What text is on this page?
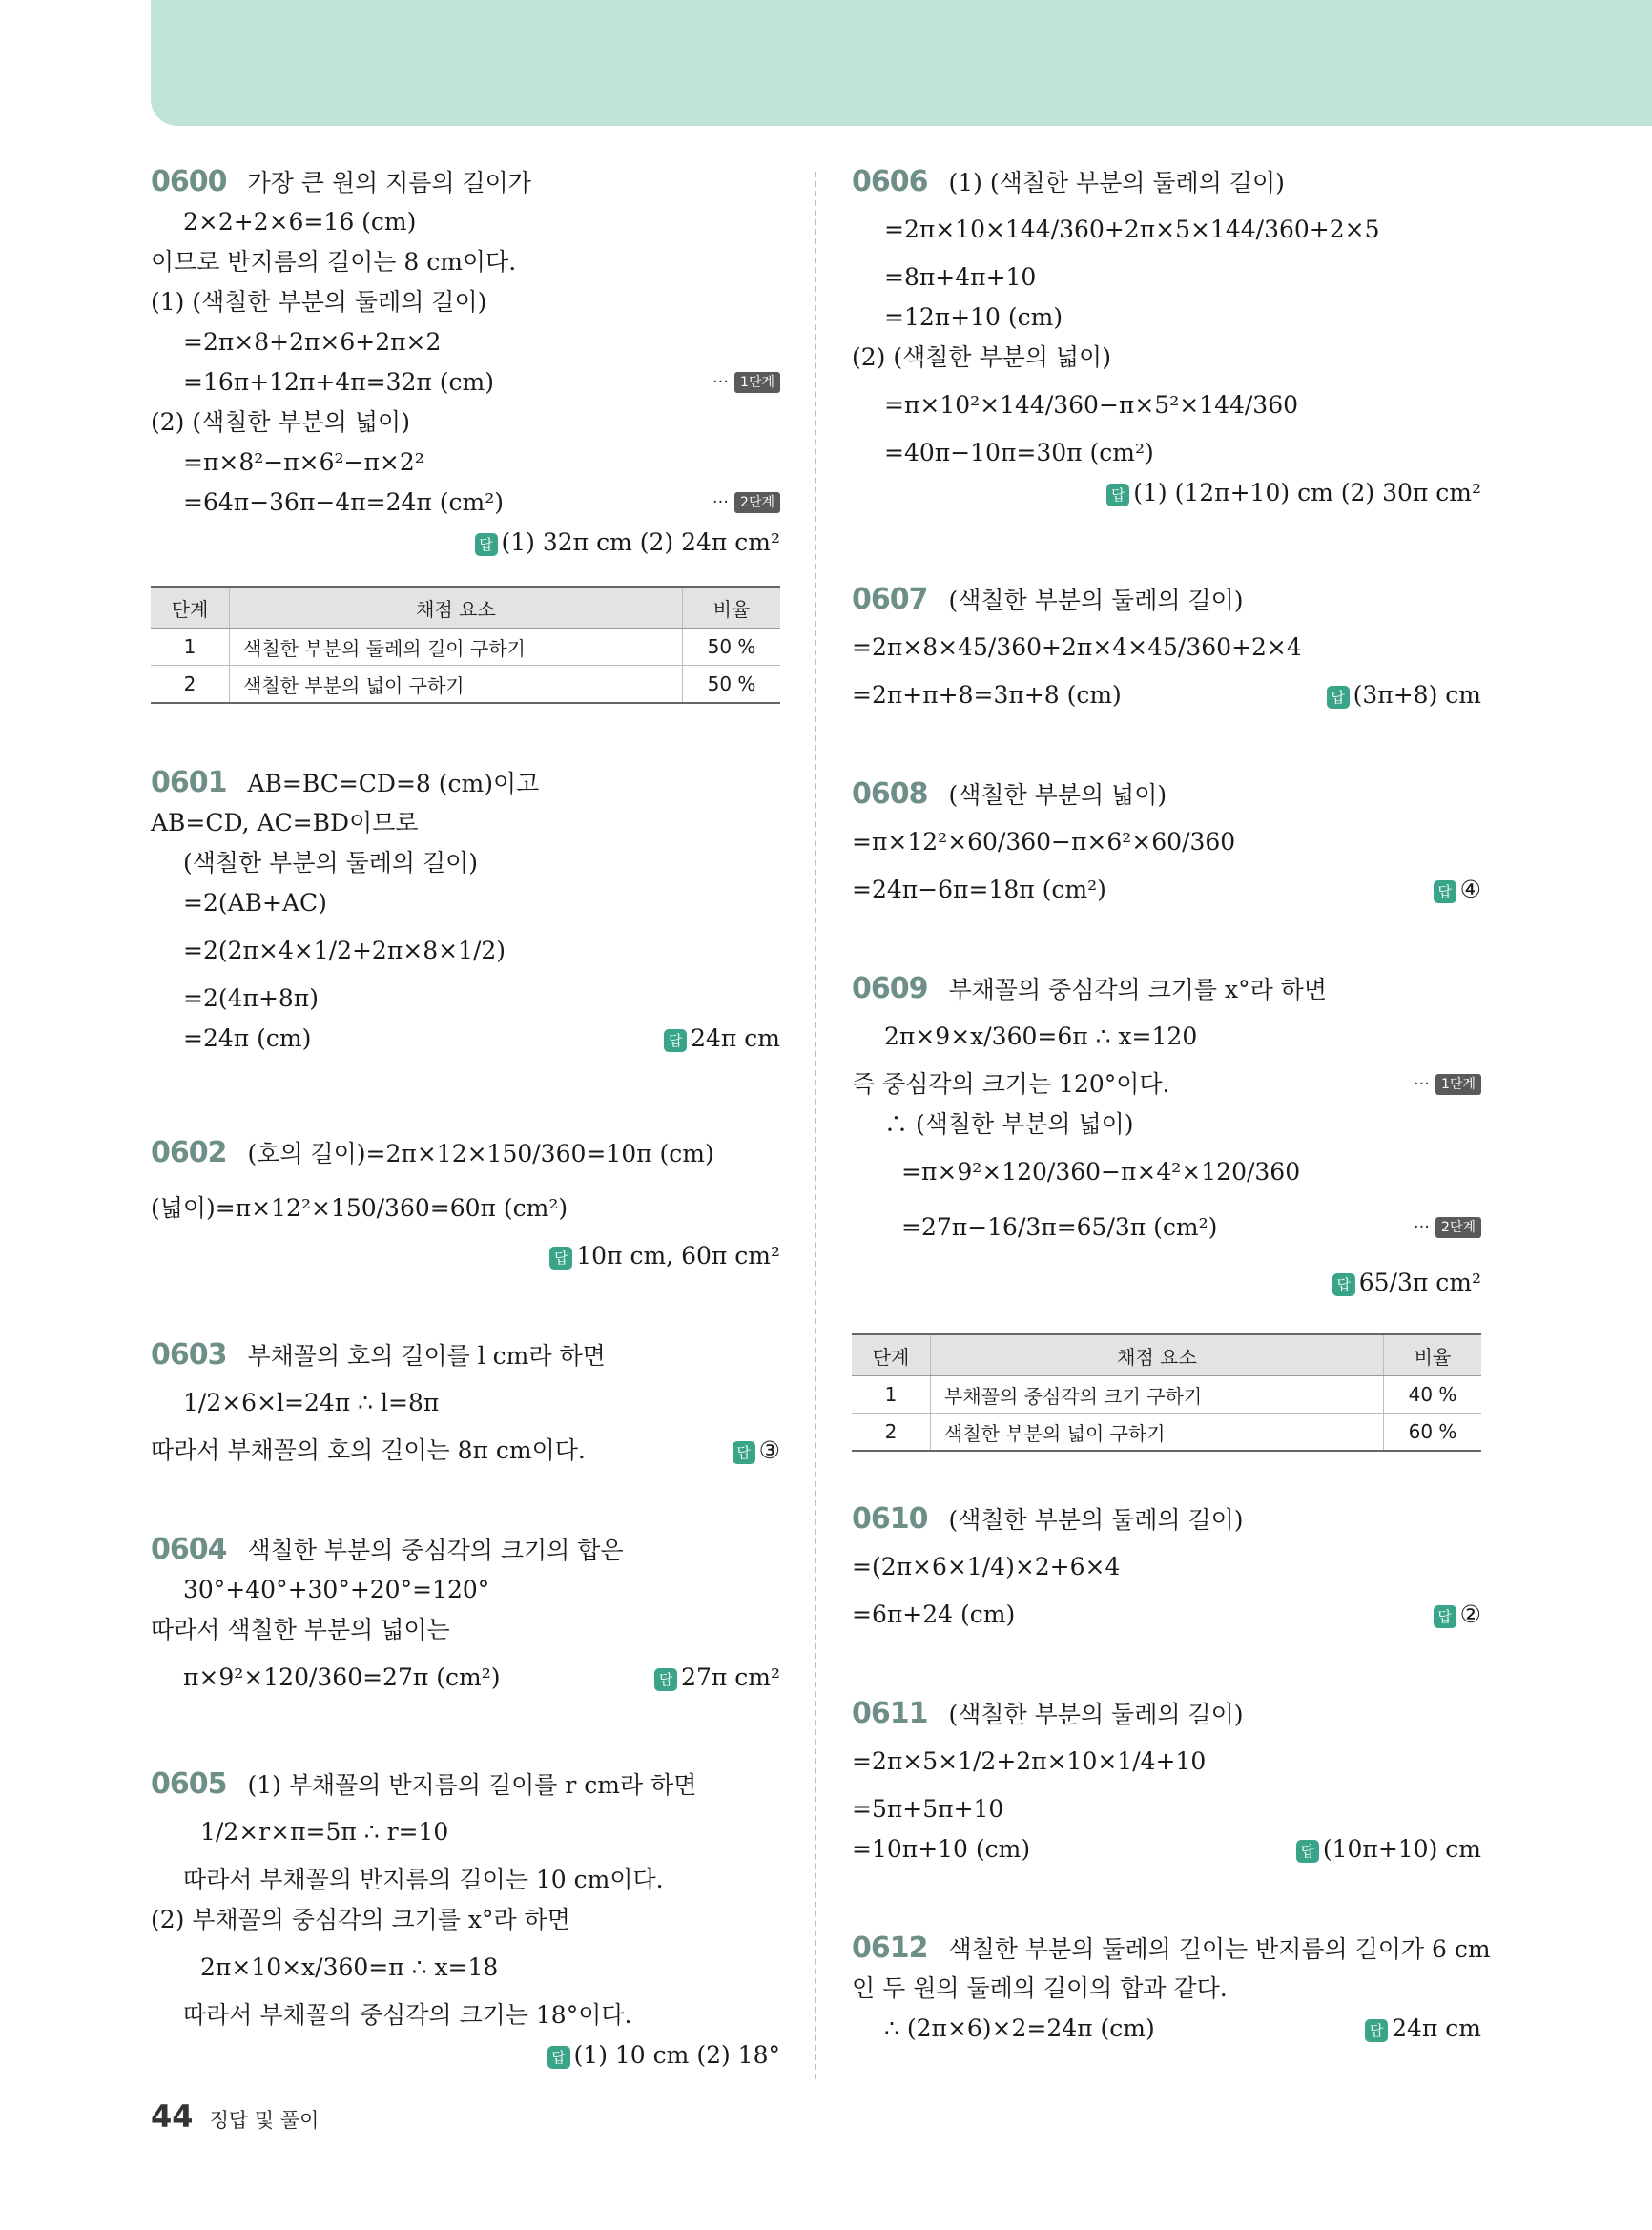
0600 가장 큰 원의 지름의 길이가
2×2+2×6=16 (cm)
이므로 반지름의 길이는 8 cm이다.
(1) (색칠한 부분의 둘레의 길이)
=2π×8+2π×6+2π×2
=16π+12π+4π=32π (cm)	··· 1단계
(2) (색칠한 부분의 넓이)
=π×8²−π×6²−π×2²
=64π−36π−4π=24π (cm²)	··· 2단계
답 (1) 32π cm (2) 24π cm²
단계	채점 요소	비율
1	색칠한 부분의 둘레의 길이 구하기	50 %
2	색칠한 부분의 넓이 구하기	50 %
0601 AB=BC=CD=8 (cm)이고
AB=CD, AC=BD이므로
(색칠한 부분의 둘레의 길이)
=2(AB+AC)
=2(2π×4×1/2+2π×8×1/2)
=2(4π+8π)
=24π (cm)	답 24π cm
0602 (호의 길이)=2π×12×150/360=10π (cm)
(넓이)=π×12²×150/360=60π (cm²)
답 10π cm, 60π cm²
0603 부채꼴의 호의 길이를 l cm라 하면
1/2×6×l=24π ∴ l=8π
따라서 부채꼴의 호의 길이는 8π cm이다.	답 ③
0604 색칠한 부분의 중심각의 크기의 합은
30°+40°+30°+20°=120°
따라서 색칠한 부분의 넓이는
π×9²×120/360=27π (cm²)	답 27π cm²
0605 (1) 부채꼴의 반지름의 길이를 r cm라 하면
1/2×r×π=5π ∴ r=10
따라서 부채꼴의 반지름의 길이는 10 cm이다.
(2) 부채꼴의 중심각의 크기를 x°라 하면
2π×10×x/360=π ∴ x=18
따라서 부채꼴의 중심각의 크기는 18°이다.
답 (1) 10 cm (2) 18°
0606 (1) (색칠한 부분의 둘레의 길이)
=2π×10×144/360+2π×5×144/360+2×5
=8π+4π+10
=12π+10 (cm)
(2) (색칠한 부분의 넓이)
=π×10²×144/360−π×5²×144/360
=40π−10π=30π (cm²)
답 (1) (12π+10) cm (2) 30π cm²
0607 (색칠한 부분의 둘레의 길이)
=2π×8×45/360+2π×4×45/360+2×4
=2π+π+8=3π+8 (cm)	답 (3π+8) cm
0608 (색칠한 부분의 넓이)
=π×12²×60/360−π×6²×60/360
=24π−6π=18π (cm²)	답 ④
0609 부채꼴의 중심각의 크기를 x°라 하면
2π×9×x/360=6π ∴ x=120
즉 중심각의 크기는 120°이다.	··· 1단계
∴ (색칠한 부분의 넓이)
=π×9²×120/360−π×4²×120/360
=27π−16/3π=65/3π (cm²)	··· 2단계
답 65/3π cm²
단계	채점 요소	비율
1	부채꼴의 중심각의 크기 구하기	40 %
2	색칠한 부분의 넓이 구하기	60 %
0610 (색칠한 부분의 둘레의 길이)
=(2π×6×1/4)×2+6×4
=6π+24 (cm)	답 ②
0611 (색칠한 부분의 둘레의 길이)
=2π×5×1/2+2π×10×1/4+10
=5π+5π+10
=10π+10 (cm)	답 (10π+10) cm
0612 색칠한 부분의 둘레의 길이는 반지름의 길이가 6 cm
인 두 원의 둘레의 길이의 합과 같다.
∴ (2π×6)×2=24π (cm)	답 24π cm
44 정답 및 풀이
